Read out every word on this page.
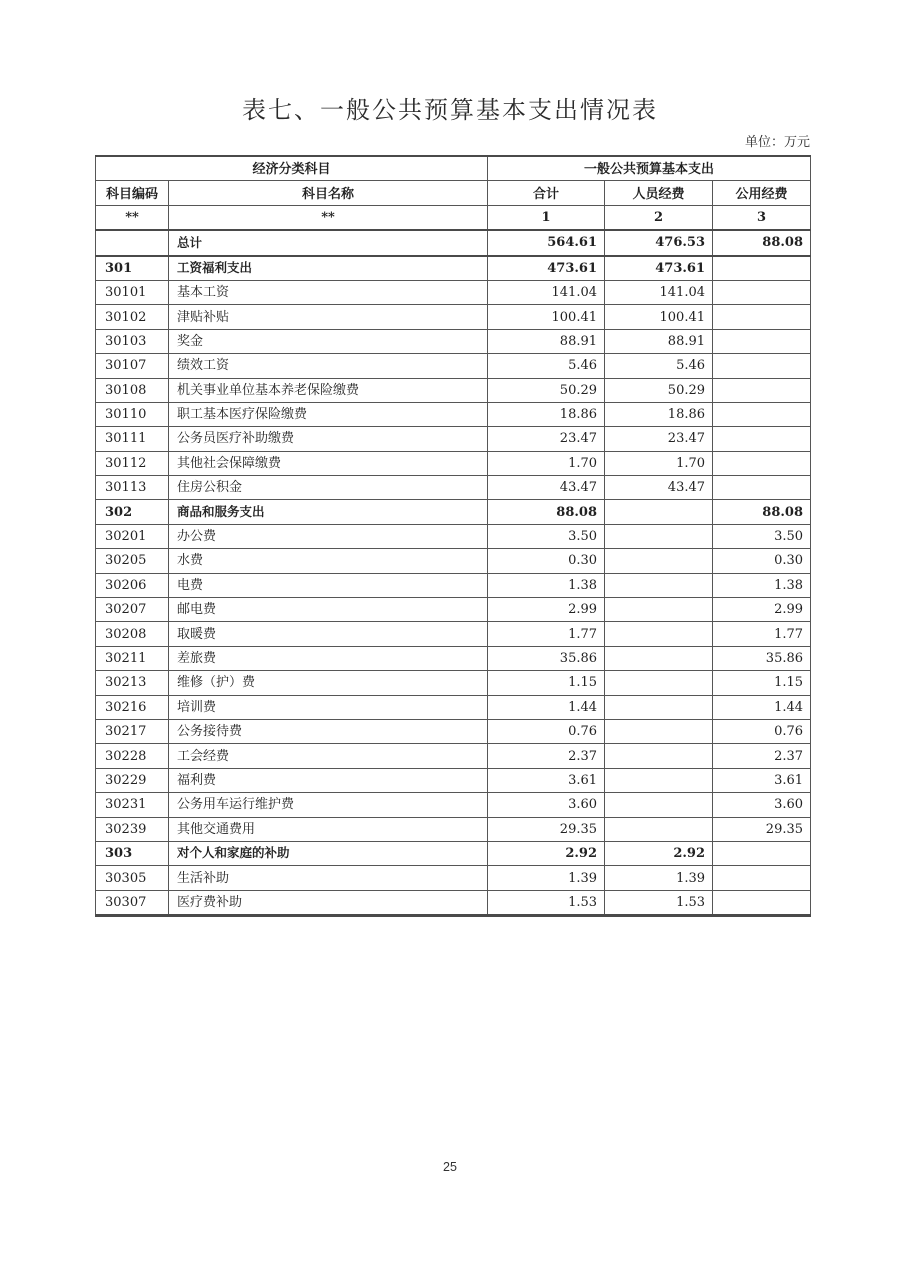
表七、一般公共预算基本支出情况表
单位：万元
经济分类科目		一般公共预算基本支出		
科目编码	科目名称	合计	人员经费	公用经费
**	**	1	2	3
	总计	564.61	476.53	88.08
301	工资福利支出	473.61	473.61	
30101	基本工资	141.04	141.04	
30102	津贴补贴	100.41	100.41	
30103	奖金	88.91	88.91	
30107	绩效工资	5.46	5.46	
30108	机关事业单位基本养老保险缴费	50.29	50.29	
30110	职工基本医疗保险缴费	18.86	18.86	
30111	公务员医疗补助缴费	23.47	23.47	
30112	其他社会保障缴费	1.70	1.70	
30113	住房公积金	43.47	43.47	
302	商品和服务支出	88.08		88.08
30201	办公费	3.50		3.50
30205	水费	0.30		0.30
30206	电费	1.38		1.38
30207	邮电费	2.99		2.99
30208	取暖费	1.77		1.77
30211	差旅费	35.86		35.86
30213	维修（护）费	1.15		1.15
30216	培训费	1.44		1.44
30217	公务接待费	0.76		0.76
30228	工会经费	2.37		2.37
30229	福利费	3.61		3.61
30231	公务用车运行维护费	3.60		3.60
30239	其他交通费用	29.35		29.35
303	对个人和家庭的补助	2.92	2.92	
30305	生活补助	1.39	1.39	
30307	医疗费补助	1.53	1.53	
25
